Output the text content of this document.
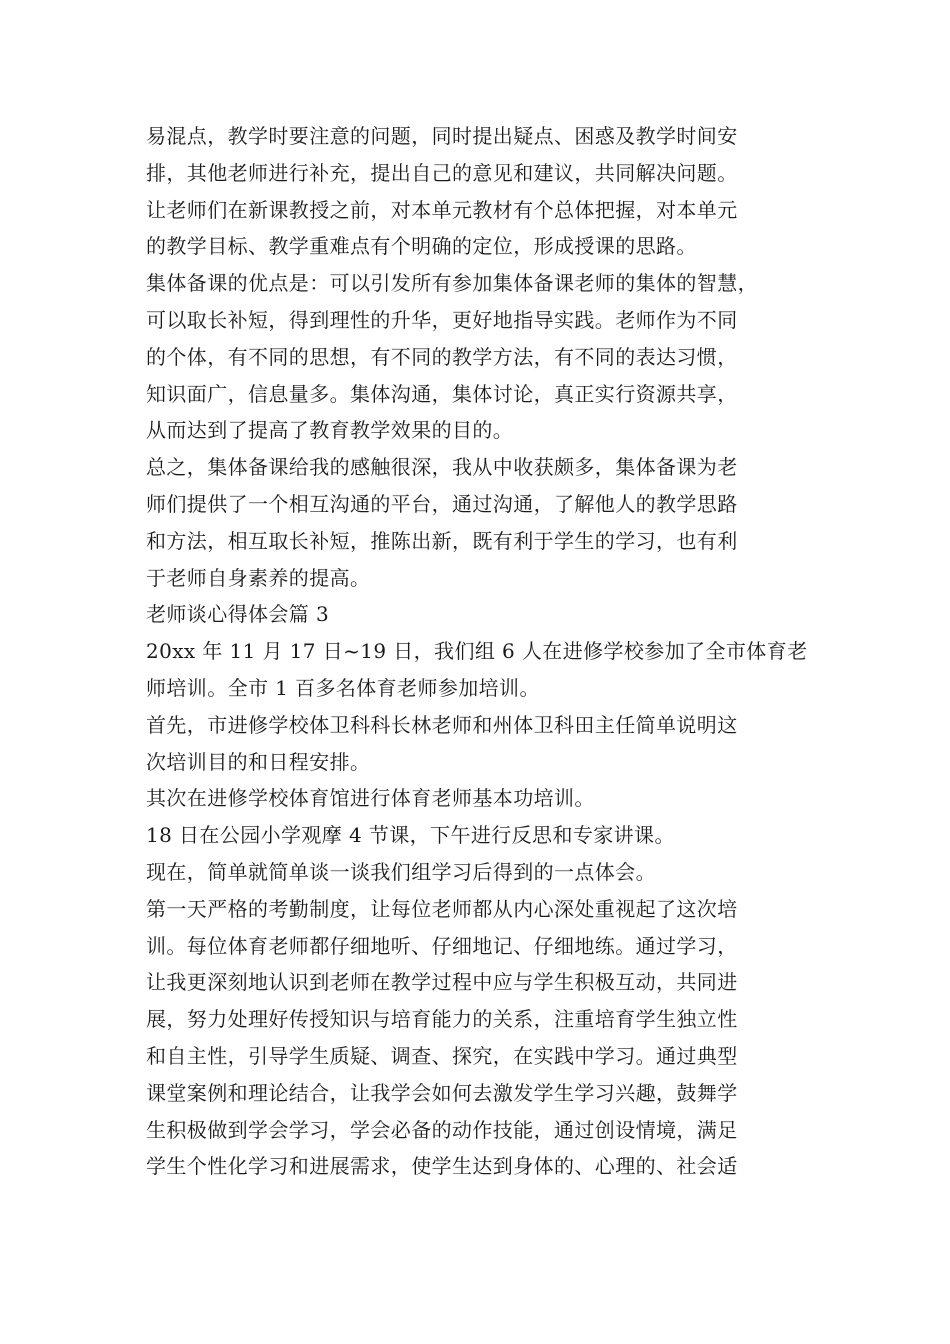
易混点，教学时要注意的问题，同时提出疑点、困惑及教学时间安
排，其他老师进行补充，提出自己的意见和建议，共同解决问题。
让老师们在新课教授之前，对本单元教材有个总体把握，对本单元
的教学目标、教学重难点有个明确的定位，形成授课的思路。
集体备课的优点是：可以引发所有参加集体备课老师的集体的智慧，
可以取长补短，得到理性的升华，更好地指导实践。老师作为不同
的个体，有不同的思想，有不同的教学方法，有不同的表达习惯，
知识面广，信息量多。集体沟通，集体讨论，真正实行资源共享，
从而达到了提高了教育教学效果的目的。
总之，集体备课给我的感触很深，我从中收获颇多，集体备课为老
师们提供了一个相互沟通的平台，通过沟通，了解他人的教学思路
和方法，相互取长补短，推陈出新，既有利于学生的学习，也有利
于老师自身素养的提高。
老师谈心得体会篇 3
20xx 年 11 月 17 日~19 日，我们组 6 人在进修学校参加了全市体育老
师培训。全市 1 百多名体育老师参加培训。
首先，市进修学校体卫科科长林老师和州体卫科田主任简单说明这
次培训目的和日程安排。
其次在进修学校体育馆进行体育老师基本功培训。
18 日在公园小学观摩 4 节课，下午进行反思和专家讲课。
现在，简单就简单谈一谈我们组学习后得到的一点体会。
第一天严格的考勤制度，让每位老师都从内心深处重视起了这次培
训。每位体育老师都仔细地听、仔细地记、仔细地练。通过学习，
让我更深刻地认识到老师在教学过程中应与学生积极互动，共同进
展，努力处理好传授知识与培育能力的关系，注重培育学生独立性
和自主性，引导学生质疑、调查、探究，在实践中学习。通过典型
课堂案例和理论结合，让我学会如何去激发学生学习兴趣，鼓舞学
生积极做到学会学习，学会必备的动作技能，通过创设情境，满足
学生个性化学习和进展需求，使学生达到身体的、心理的、社会适
